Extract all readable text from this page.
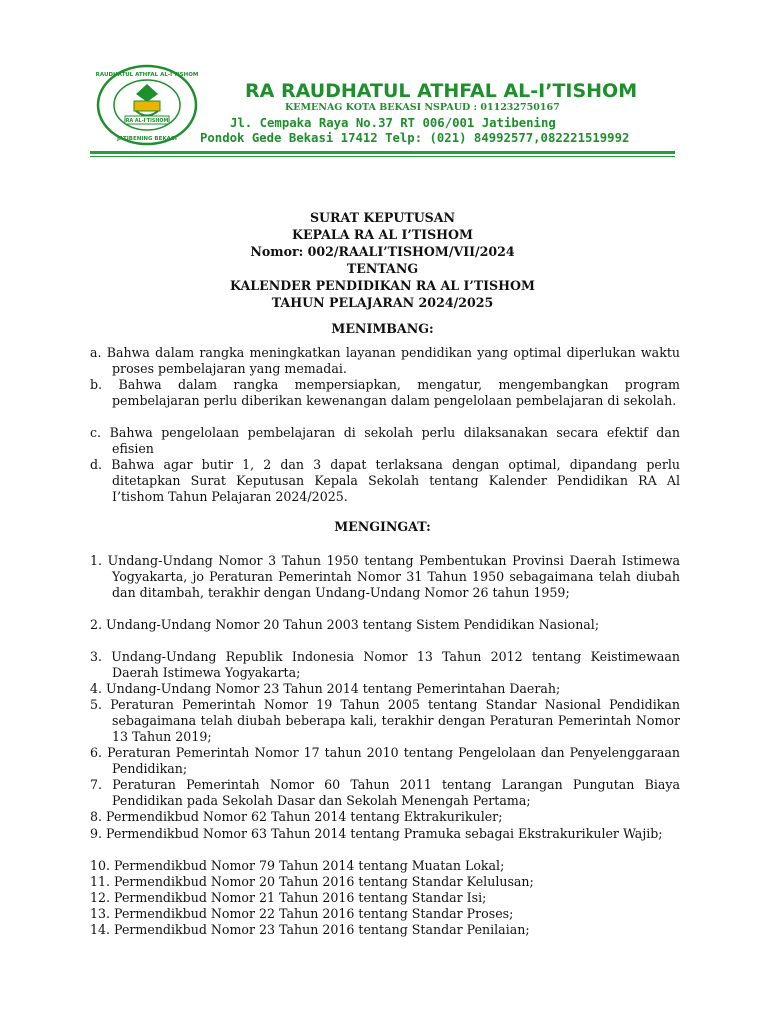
RAUDHATUL ATHFAL AL-I'TISHOM
JATIBENING BEKASI
RA AL-I'TISHOM
RA RAUDHATUL ATHFAL AL-I’TISHOM
KEMENAG KOTA BEKASI NSPAUD : 011232750167
Jl. Cempaka Raya No.37 RT 006/001 Jatibening
Pondok Gede Bekasi 17412 Telp: (021) 84992577,082221519992
SURAT KEPUTUSAN
KEPALA RA AL I’TISHOM
Nomor: 002/RAALI’TISHOM/VII/2024
TENTANG
KALENDER PENDIDIKAN RA AL I’TISHOM
TAHUN PELAJARAN 2024/2025
MENIMBANG:
a. Bahwa dalam rangka meningkatkan layanan pendidikan yang optimal diperlukan waktu proses pembelajaran yang memadai.
b. Bahwa dalam rangka mempersiapkan, mengatur, mengembangkan program pembelajaran perlu diberikan kewenangan dalam pengelolaan pembelajaran di sekolah.
c. Bahwa pengelolaan pembelajaran di sekolah perlu dilaksanakan secara efektif dan efisien
d. Bahwa agar butir 1, 2 dan 3 dapat terlaksana dengan optimal, dipandang perlu ditetapkan Surat Keputusan Kepala Sekolah tentang Kalender Pendidikan RA Al I’tishom Tahun Pelajaran 2024/2025.
MENGINGAT:
1. Undang-Undang Nomor 3 Tahun 1950 tentang Pembentukan Provinsi Daerah Istimewa Yogyakarta, jo Peraturan Pemerintah Nomor 31 Tahun 1950 sebagaimana telah diubah dan ditambah, terakhir dengan Undang-Undang Nomor 26 tahun 1959;
2. Undang-Undang Nomor 20 Tahun 2003 tentang Sistem Pendidikan Nasional;
3. Undang-Undang Republik Indonesia Nomor 13 Tahun 2012 tentang Keistimewaan Daerah Istimewa Yogyakarta;
4. Undang-Undang Nomor 23 Tahun 2014 tentang Pemerintahan Daerah;
5. Peraturan Pemerintah Nomor 19 Tahun 2005 tentang Standar Nasional Pendidikan sebagaimana telah diubah beberapa kali, terakhir dengan Peraturan Pemerintah Nomor 13 Tahun 2019;
6. Peraturan Pemerintah Nomor 17 tahun 2010 tentang Pengelolaan dan Penyelenggaraan Pendidikan;
7. Peraturan Pemerintah Nomor 60 Tahun 2011 tentang Larangan Pungutan Biaya Pendidikan pada Sekolah Dasar dan Sekolah Menengah Pertama;
8. Permendikbud Nomor 62 Tahun 2014 tentang Ektrakurikuler;
9. Permendikbud Nomor 63 Tahun 2014 tentang Pramuka sebagai Ekstrakurikuler Wajib;
10. Permendikbud Nomor 79 Tahun 2014 tentang Muatan Lokal;
11. Permendikbud Nomor 20 Tahun 2016 tentang Standar Kelulusan;
12. Permendikbud Nomor 21 Tahun 2016 tentang Standar Isi;
13. Permendikbud Nomor 22 Tahun 2016 tentang Standar Proses;
14. Permendikbud Nomor 23 Tahun 2016 tentang Standar Penilaian;
